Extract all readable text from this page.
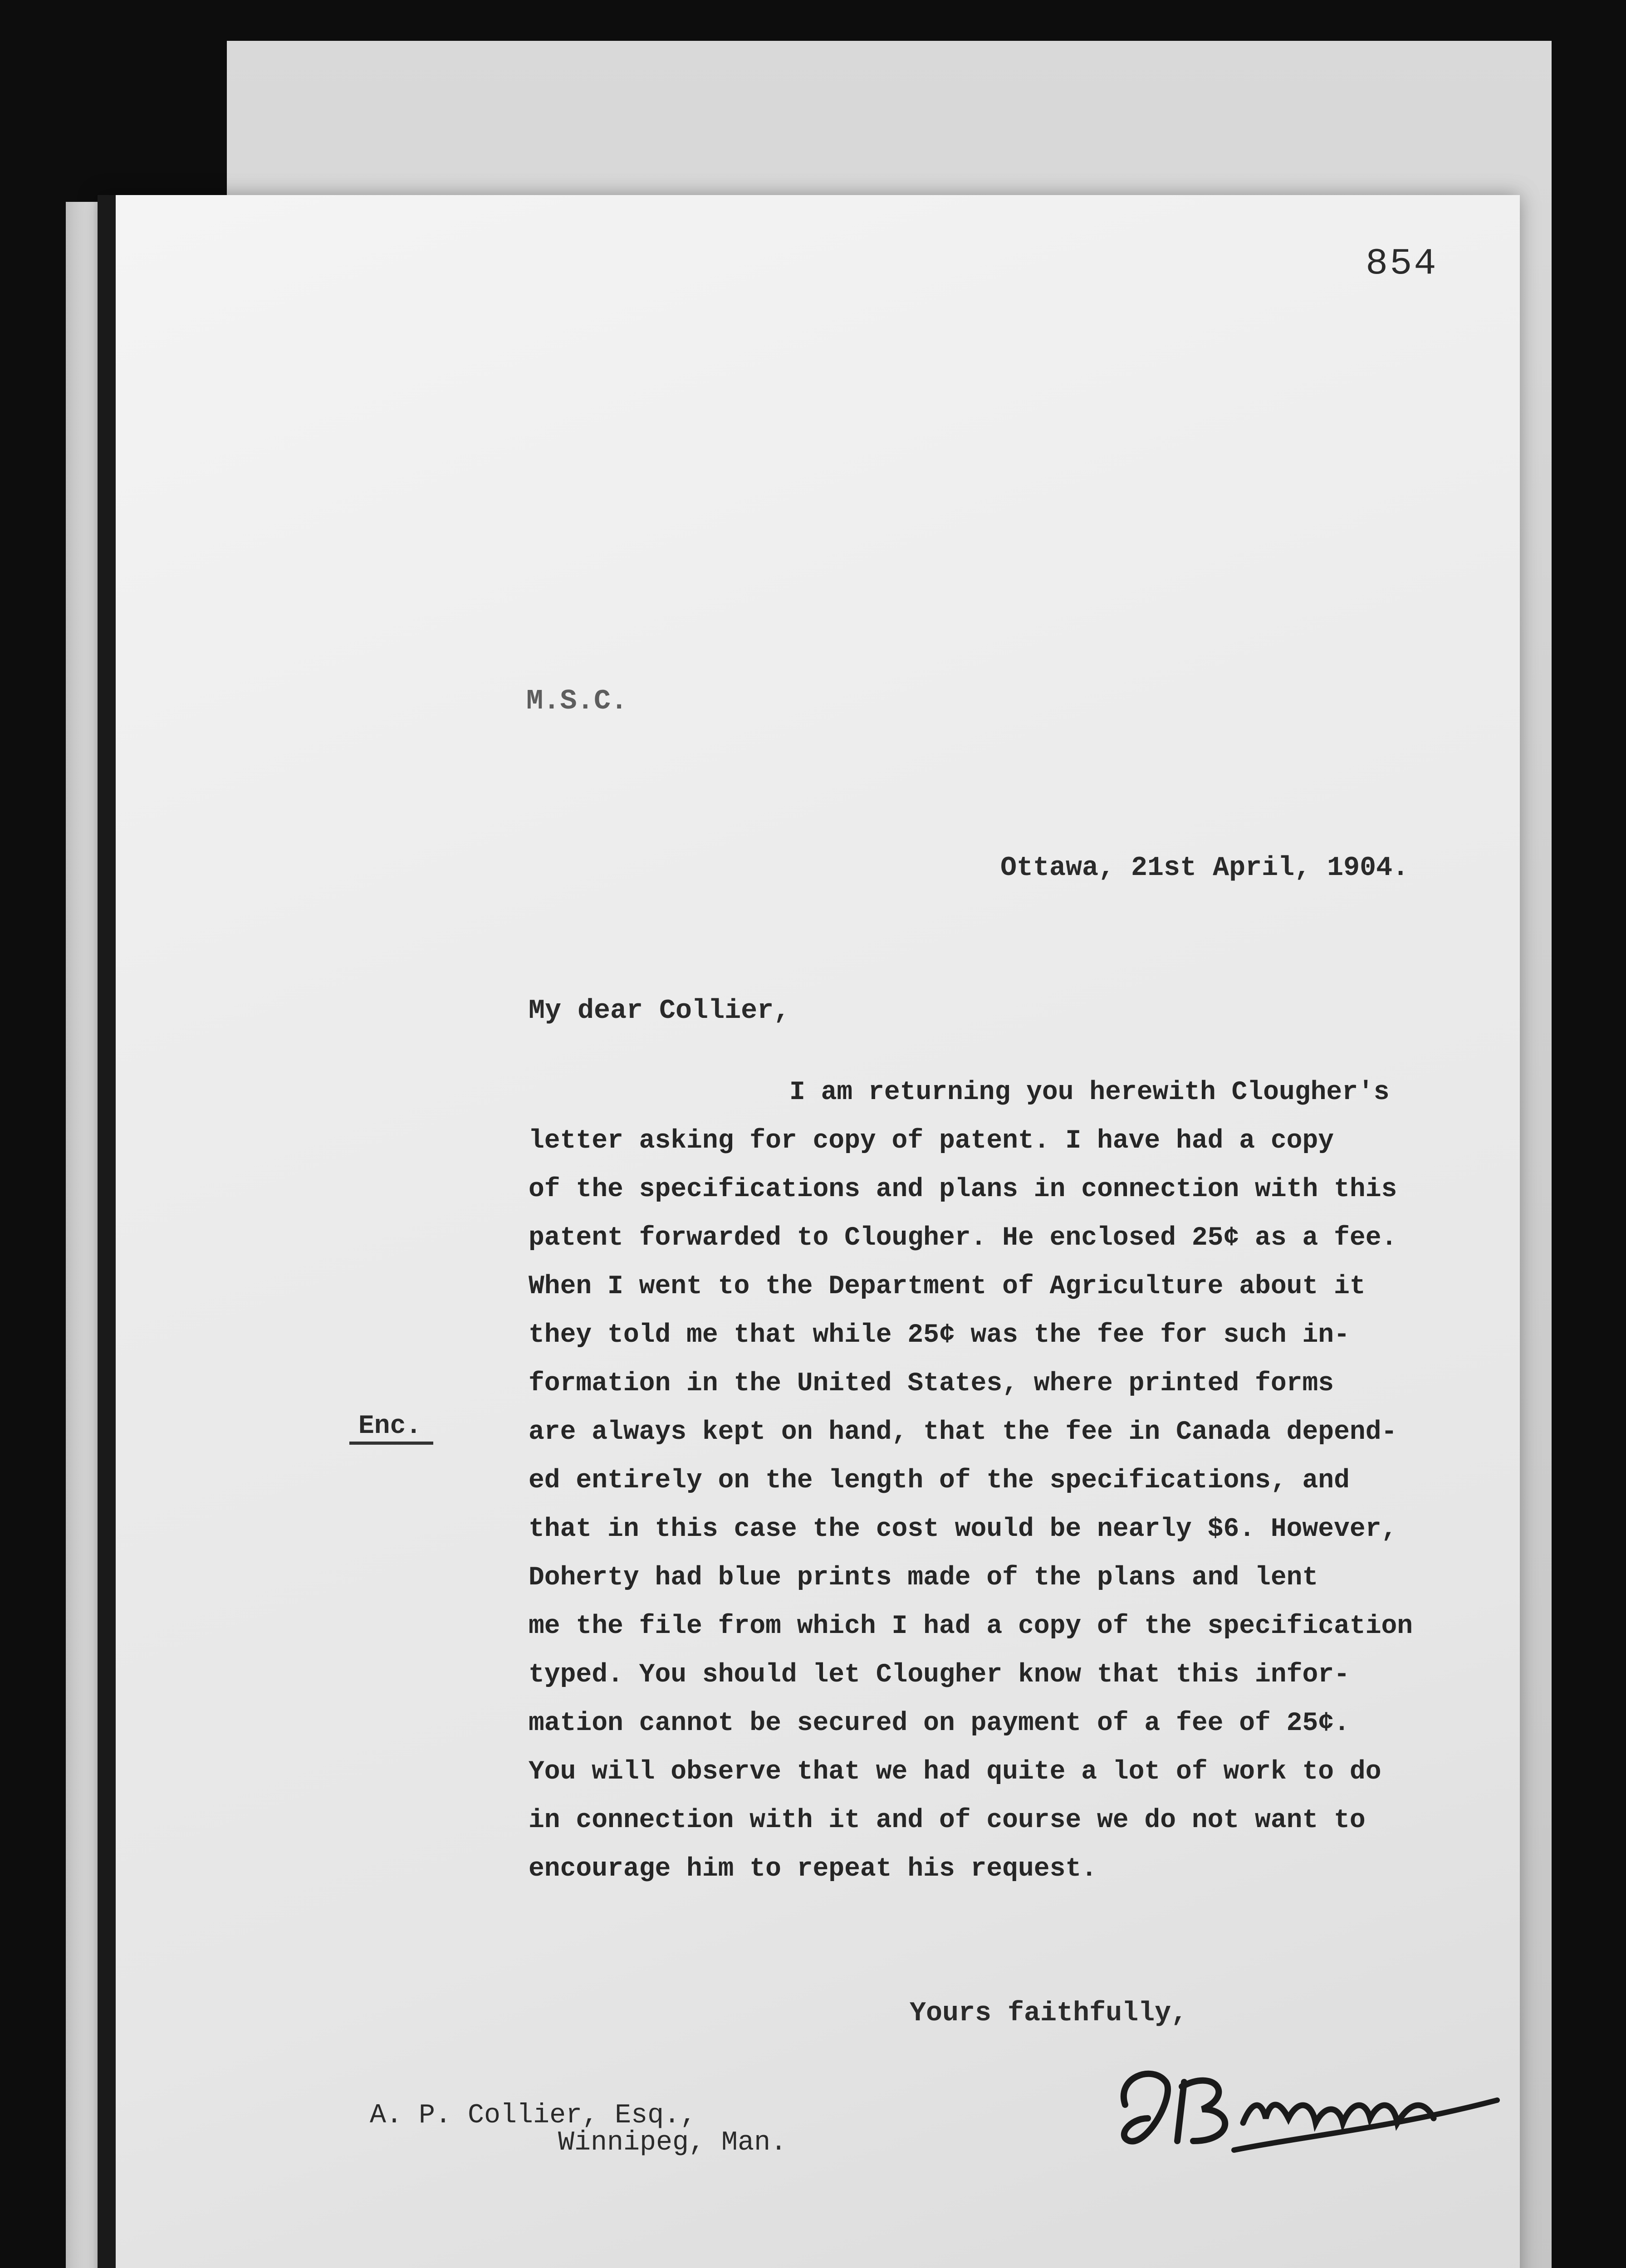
854
M.S.C.
Ottawa, 21st April, 1904.
My dear Collier,
I am returning you herewith Clougher's
letter asking for copy of patent. I have had a copy
of the specifications and plans in connection with this
patent forwarded to Clougher. He enclosed 25¢ as a fee.
When I went to the Department of Agriculture about it
they told me that while 25¢ was the fee for such in-
formation in the United States, where printed forms
are always kept on hand, that the fee in Canada depend-
ed entirely on the length of the specifications, and
that in this case the cost would be nearly $6. However,
Doherty had blue prints made of the plans and lent
me the file from which I had a copy of the specification
typed. You should let Clougher know that this infor-
mation cannot be secured on payment of a fee of 25¢.
You will observe that we had quite a lot of work to do
in connection with it and of course we do not want to
encourage him to repeat his request.
Enc.
Yours faithfully,
A. P. Collier, Esq.,
Winnipeg, Man.
